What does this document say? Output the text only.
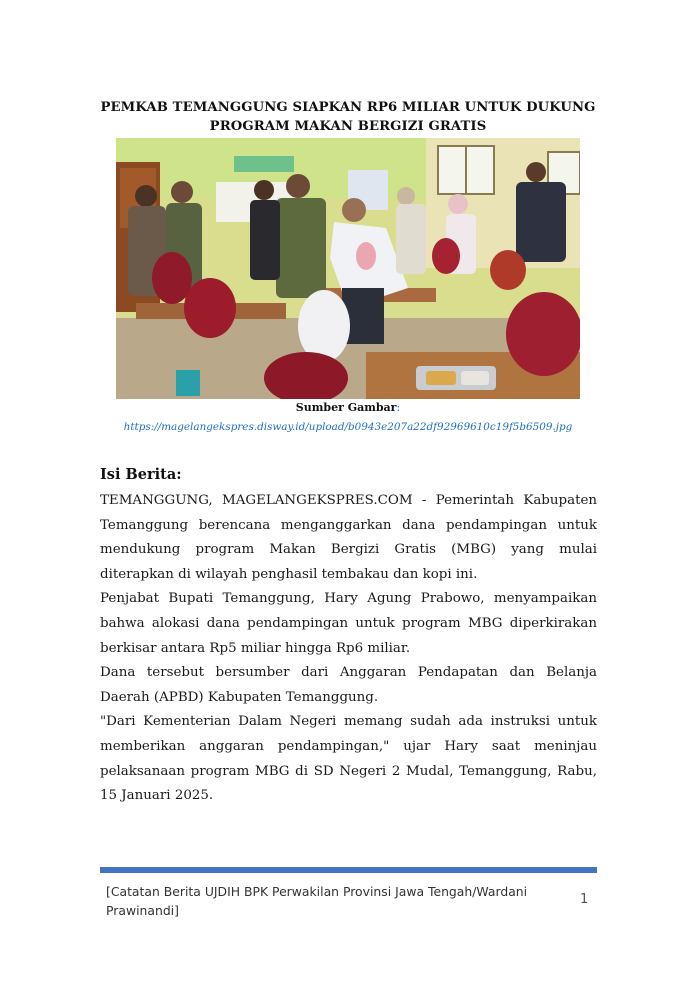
PEMKAB TEMANGGUNG SIAPKAN RP6 MILIAR UNTUK DUKUNG PROGRAM MAKAN BERGIZI GRATIS
Sumber Gambar:
https://magelangekspres.disway.id/upload/b0943e207a22df92969610c19f5b6509.jpg
Isi Berita:

TEMANGGUNG, MAGELANGEKSPRES.COM - Pemerintah Kabupaten Temanggung berencana menganggarkan dana pendampingan untuk mendukung program Makan Bergizi Gratis (MBG) yang mulai diterapkan di wilayah penghasil tembakau dan kopi ini.

Penjabat Bupati Temanggung, Hary Agung Prabowo, menyampaikan bahwa alokasi dana pendampingan untuk program MBG diperkirakan berkisar antara Rp5 miliar hingga Rp6 miliar.

Dana tersebut bersumber dari Anggaran Pendapatan dan Belanja Daerah (APBD) Kabupaten Temanggung.

"Dari Kementerian Dalam Negeri memang sudah ada instruksi untuk memberikan anggaran pendampingan," ujar Hary saat meninjau pelaksanaan program MBG di SD Negeri 2 Mudal, Temanggung, Rabu, 15 Januari 2025.

[Catatan Berita UJDIH BPK Perwakilan Provinsi Jawa Tengah/Wardani Prawinandi]
1
